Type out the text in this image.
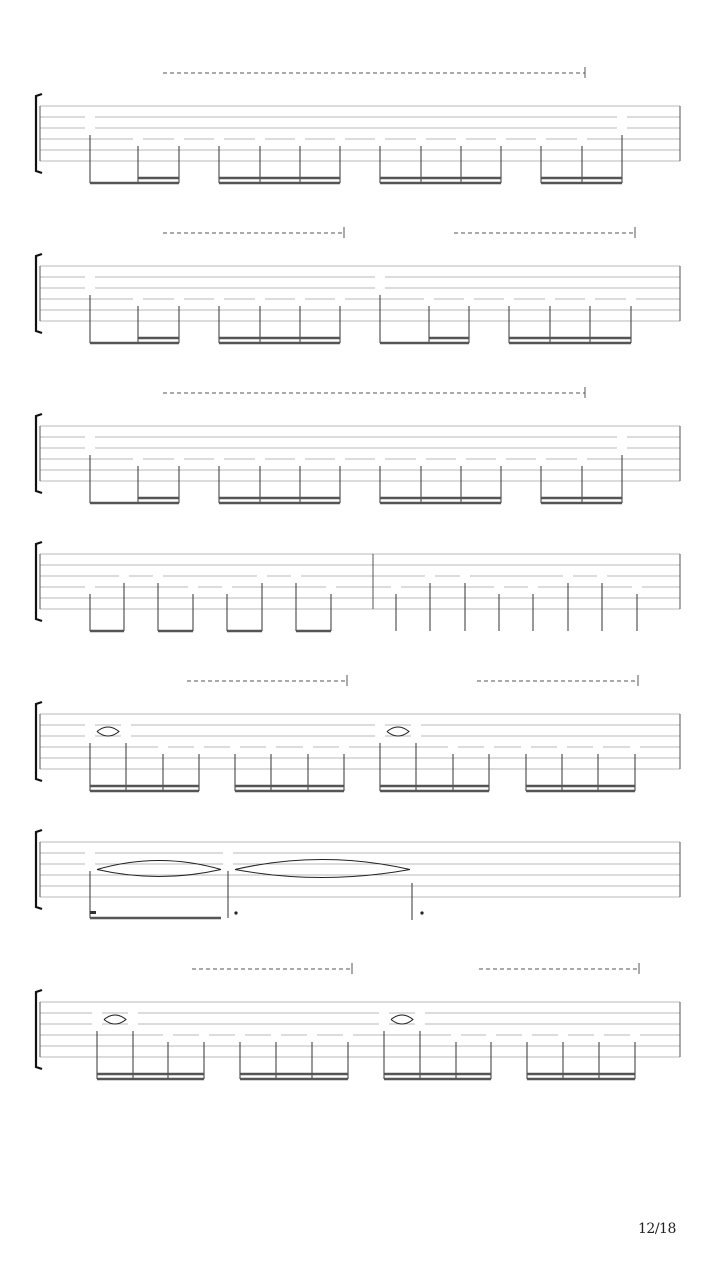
12/18
